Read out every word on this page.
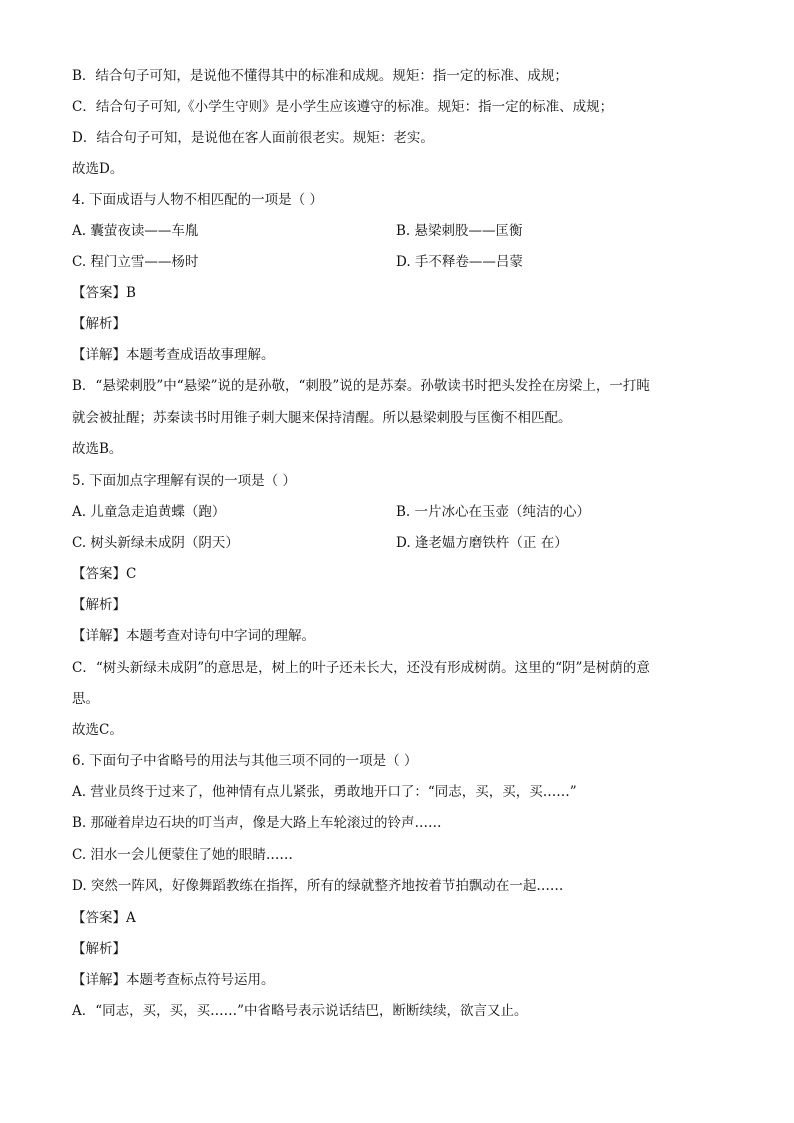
B．结合句子可知，是说他不懂得其中的标准和成规。规矩：指一定的标准、成规；
C．结合句子可知,《小学生守则》是小学生应该遵守的标准。规矩：指一定的标准、成规；
D．结合句子可知，是说他在客人面前很老实。规矩：老实。
故选D。
4. 下面成语与人物不相匹配的一项是（ ）
A. 囊萤夜读——车胤	B. 悬梁刺股——匡衡
C. 程门立雪——杨时	D. 手不释卷——吕蒙
【答案】B
【解析】
【详解】本题考查成语故事理解。
B．“悬梁刺股”中“悬梁”说的是孙敬，“刺股”说的是苏秦。孙敬读书时把头发拴在房梁上，一打盹
就会被扯醒；苏秦读书时用锥子刺大腿来保持清醒。所以悬梁刺股与匡衡不相匹配。
故选B。
5. 下面加点字理解有误的一项是（ ）
A. 儿童急走追黄蝶（跑）	B. 一片冰心在玉壶（纯洁的心）
C. 树头新绿未成阴（阴天）	D. 逢老媪方磨铁杵（正 在）
【答案】C
【解析】
【详解】本题考查对诗句中字词的理解。
C．“树头新绿未成阴”的意思是，树上的叶子还未长大，还没有形成树荫。这里的“阴”是树荫的意
思。
故选C。
6. 下面句子中省略号的用法与其他三项不同的一项是（ ）
A. 营业员终于过来了，他神情有点儿紧张，勇敢地开口了：“同志，买，买，买……”
B. 那碰着岸边石块的叮当声，像是大路上车轮滚过的铃声……
C. 泪水一会儿便蒙住了她的眼睛……
D. 突然一阵风，好像舞蹈教练在指挥，所有的绿就整齐地按着节拍飘动在一起……
【答案】A
【解析】
【详解】本题考查标点符号运用。
A．“同志，买，买，买……”中省略号表示说话结巴，断断续续，欲言又止。
